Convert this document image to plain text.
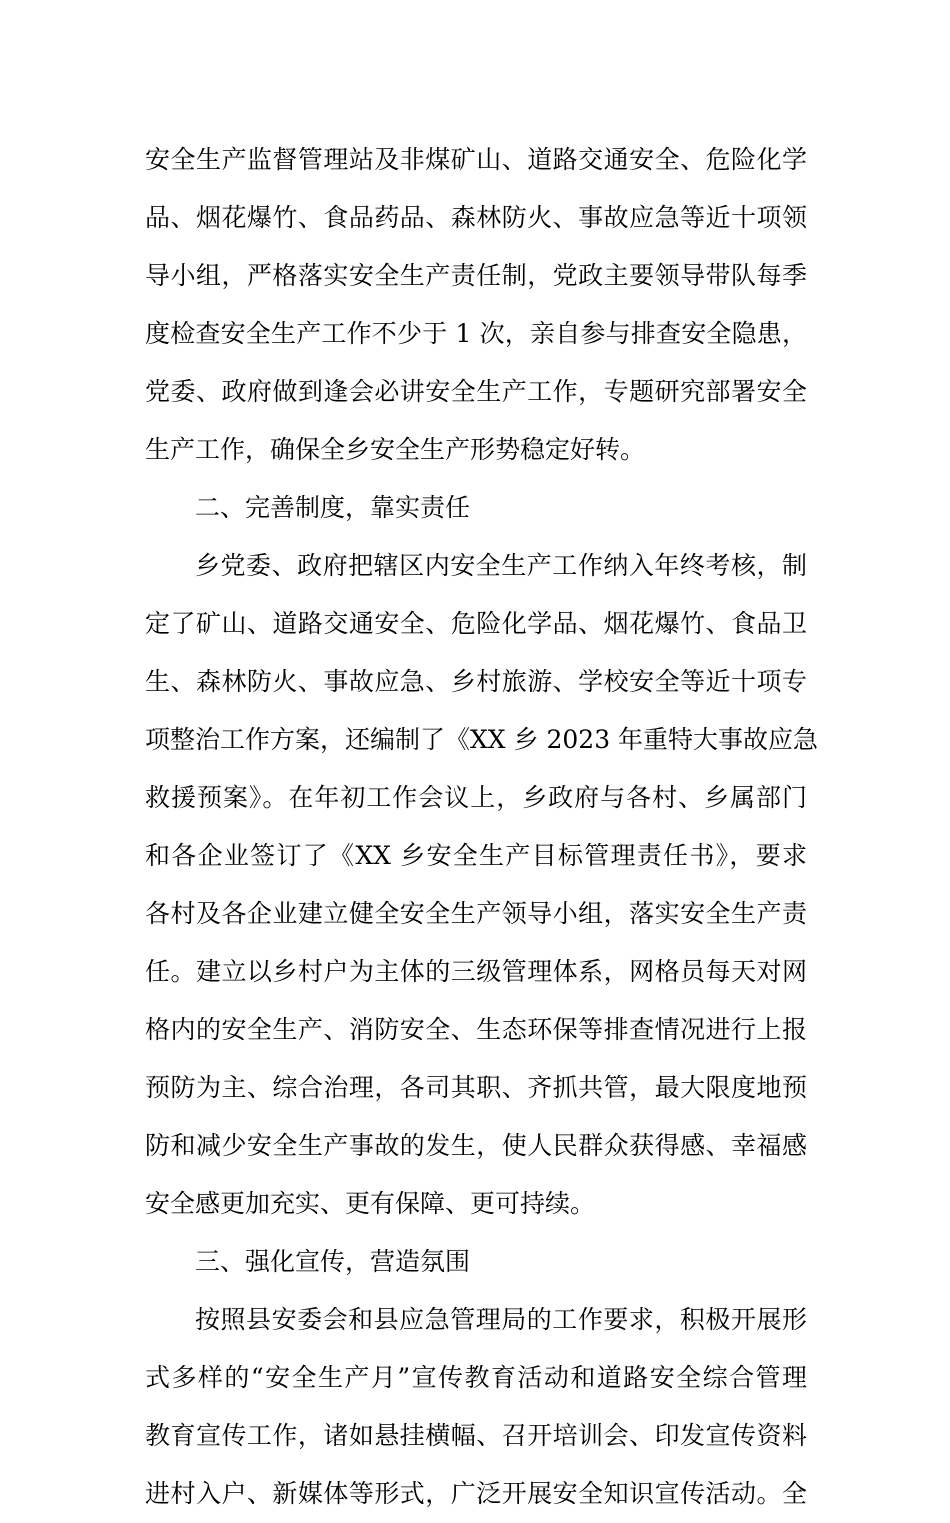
安全生产监督管理站及非煤矿山、道路交通安全、危险化学
品、烟花爆竹、食品药品、森林防火、事故应急等近十项领
导小组，严格落实安全生产责任制，党政主要领导带队每季
度检查安全生产工作不少于 1 次，亲自参与排查安全隐患，
党委、政府做到逢会必讲安全生产工作，专题研究部署安全
生产工作，确保全乡安全生产形势稳定好转。
二、完善制度，靠实责任
乡党委、政府把辖区内安全生产工作纳入年终考核，制
定了矿山、道路交通安全、危险化学品、烟花爆竹、食品卫
生、森林防火、事故应急、乡村旅游、学校安全等近十项专
项整治工作方案，还编制了《XX 乡 2023 年重特大事故应急
救援预案》。在年初工作会议上，乡政府与各村、乡属部门
和各企业签订了《XX 乡安全生产目标管理责任书》，要求
各村及各企业建立健全安全生产领导小组，落实安全生产责
任。建立以乡村户为主体的三级管理体系，网格员每天对网
格内的安全生产、消防安全、生态环保等排查情况进行上报
预防为主、综合治理，各司其职、齐抓共管，最大限度地预
防和减少安全生产事故的发生，使人民群众获得感、幸福感
安全感更加充实、更有保障、更可持续。
三、强化宣传，营造氛围
按照县安委会和县应急管理局的工作要求，积极开展形
式多样的“安全生产月”宣传教育活动和道路安全综合管理
教育宣传工作，诸如悬挂横幅、召开培训会、印发宣传资料
进村入户、新媒体等形式，广泛开展安全知识宣传活动。全
